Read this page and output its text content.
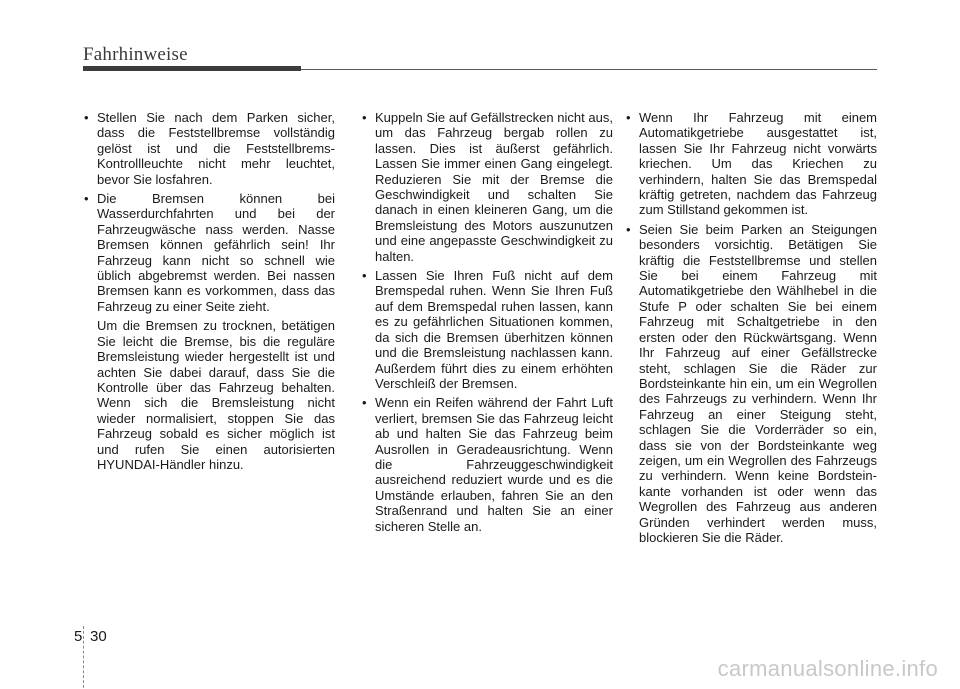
Fahrhinweise
• Stellen Sie nach dem Parken sicher, dass die Feststellbremse vollständig gelöst ist und die Feststellbrems-Kontrollleuchte nicht mehr leuchtet, bevor Sie losfahren.
• Die Bremsen können bei Wasserdurchfahrten und bei der Fahrzeugwäsche nass werden. Nasse Bremsen können gefährlich sein! Ihr Fahrzeug kann nicht so schnell wie üblich abgebremst werden. Bei nassen Bremsen kann es vorkommen, dass das Fahrzeug zu einer Seite zieht.
Um die Bremsen zu trocknen, betätigen Sie leicht die Bremse, bis die reguläre Bremsleistung wieder hergestellt ist und achten Sie dabei darauf, dass Sie die Kontrolle über das Fahrzeug behalten. Wenn sich die Bremsleistung nicht wieder normalisiert, stoppen Sie das Fahrzeug sobald es sicher möglich ist und rufen Sie einen autorisierten HYUNDAI-Händler hinzu.
• Kuppeln Sie auf Gefällstrecken nicht aus, um das Fahrzeug bergab rollen zu lassen. Dies ist äußerst gefährlich. Lassen Sie immer einen Gang eingelegt. Reduzieren Sie mit der Bremse die Geschwindigkeit und schalten Sie danach in einen kleineren Gang, um die Bremsleistung des Motors auszunutzen und eine angepasste Geschwindigkeit zu halten.
• Lassen Sie Ihren Fuß nicht auf dem Bremspedal ruhen. Wenn Sie Ihren Fuß auf dem Bremspedal ruhen lassen, kann es zu gefährlichen Situationen kommen, da sich die Bremsen überhitzen können und die Bremsleistung nachlassen kann. Außerdem führt dies zu einem erhöhten Verschleiß der Bremsen.
• Wenn ein Reifen während der Fahrt Luft verliert, bremsen Sie das Fahrzeug leicht ab und halten Sie das Fahrzeug beim Ausrollen in Geradeausrichtung. Wenn die Fahrzeuggeschwindigkeit ausreichend reduziert wurde und es die Umstände erlauben, fahren Sie an den Straßenrand und halten Sie an einer sicheren Stelle an.
• Wenn Ihr Fahrzeug mit einem Automatikgetriebe ausgestattet ist, lassen Sie Ihr Fahrzeug nicht vorwärts kriechen. Um das Kriechen zu verhindern, halten Sie das Bremspedal kräftig getreten, nachdem das Fahrzeug zum Stillstand gekommen ist.
• Seien Sie beim Parken an Steigungen besonders vorsichtig. Betätigen Sie kräftig die Feststellbremse und stellen Sie bei einem Fahrzeug mit Automatikgetriebe den Wählhebel in die Stufe P oder schalten Sie bei einem Fahrzeug mit Schaltgetriebe in den ersten oder den Rückwärtsgang. Wenn Ihr Fahrzeug auf einer Gefällstrecke steht, schlagen Sie die Räder zur Bordsteinkante hin ein, um ein Wegrollen des Fahrzeugs zu verhindern. Wenn Ihr Fahrzeug an einer Steigung steht, schlagen Sie die Vorderräder so ein, dass sie von der Bordsteinkante weg zeigen, um ein Wegrollen des Fahrzeugs zu verhindern. Wenn keine Bordstein-kante vorhanden ist oder wenn das Wegrollen des Fahrzeug aus anderen Gründen verhindert werden muss, blockieren Sie die Räder.
5 30
carmanualsonline.info
